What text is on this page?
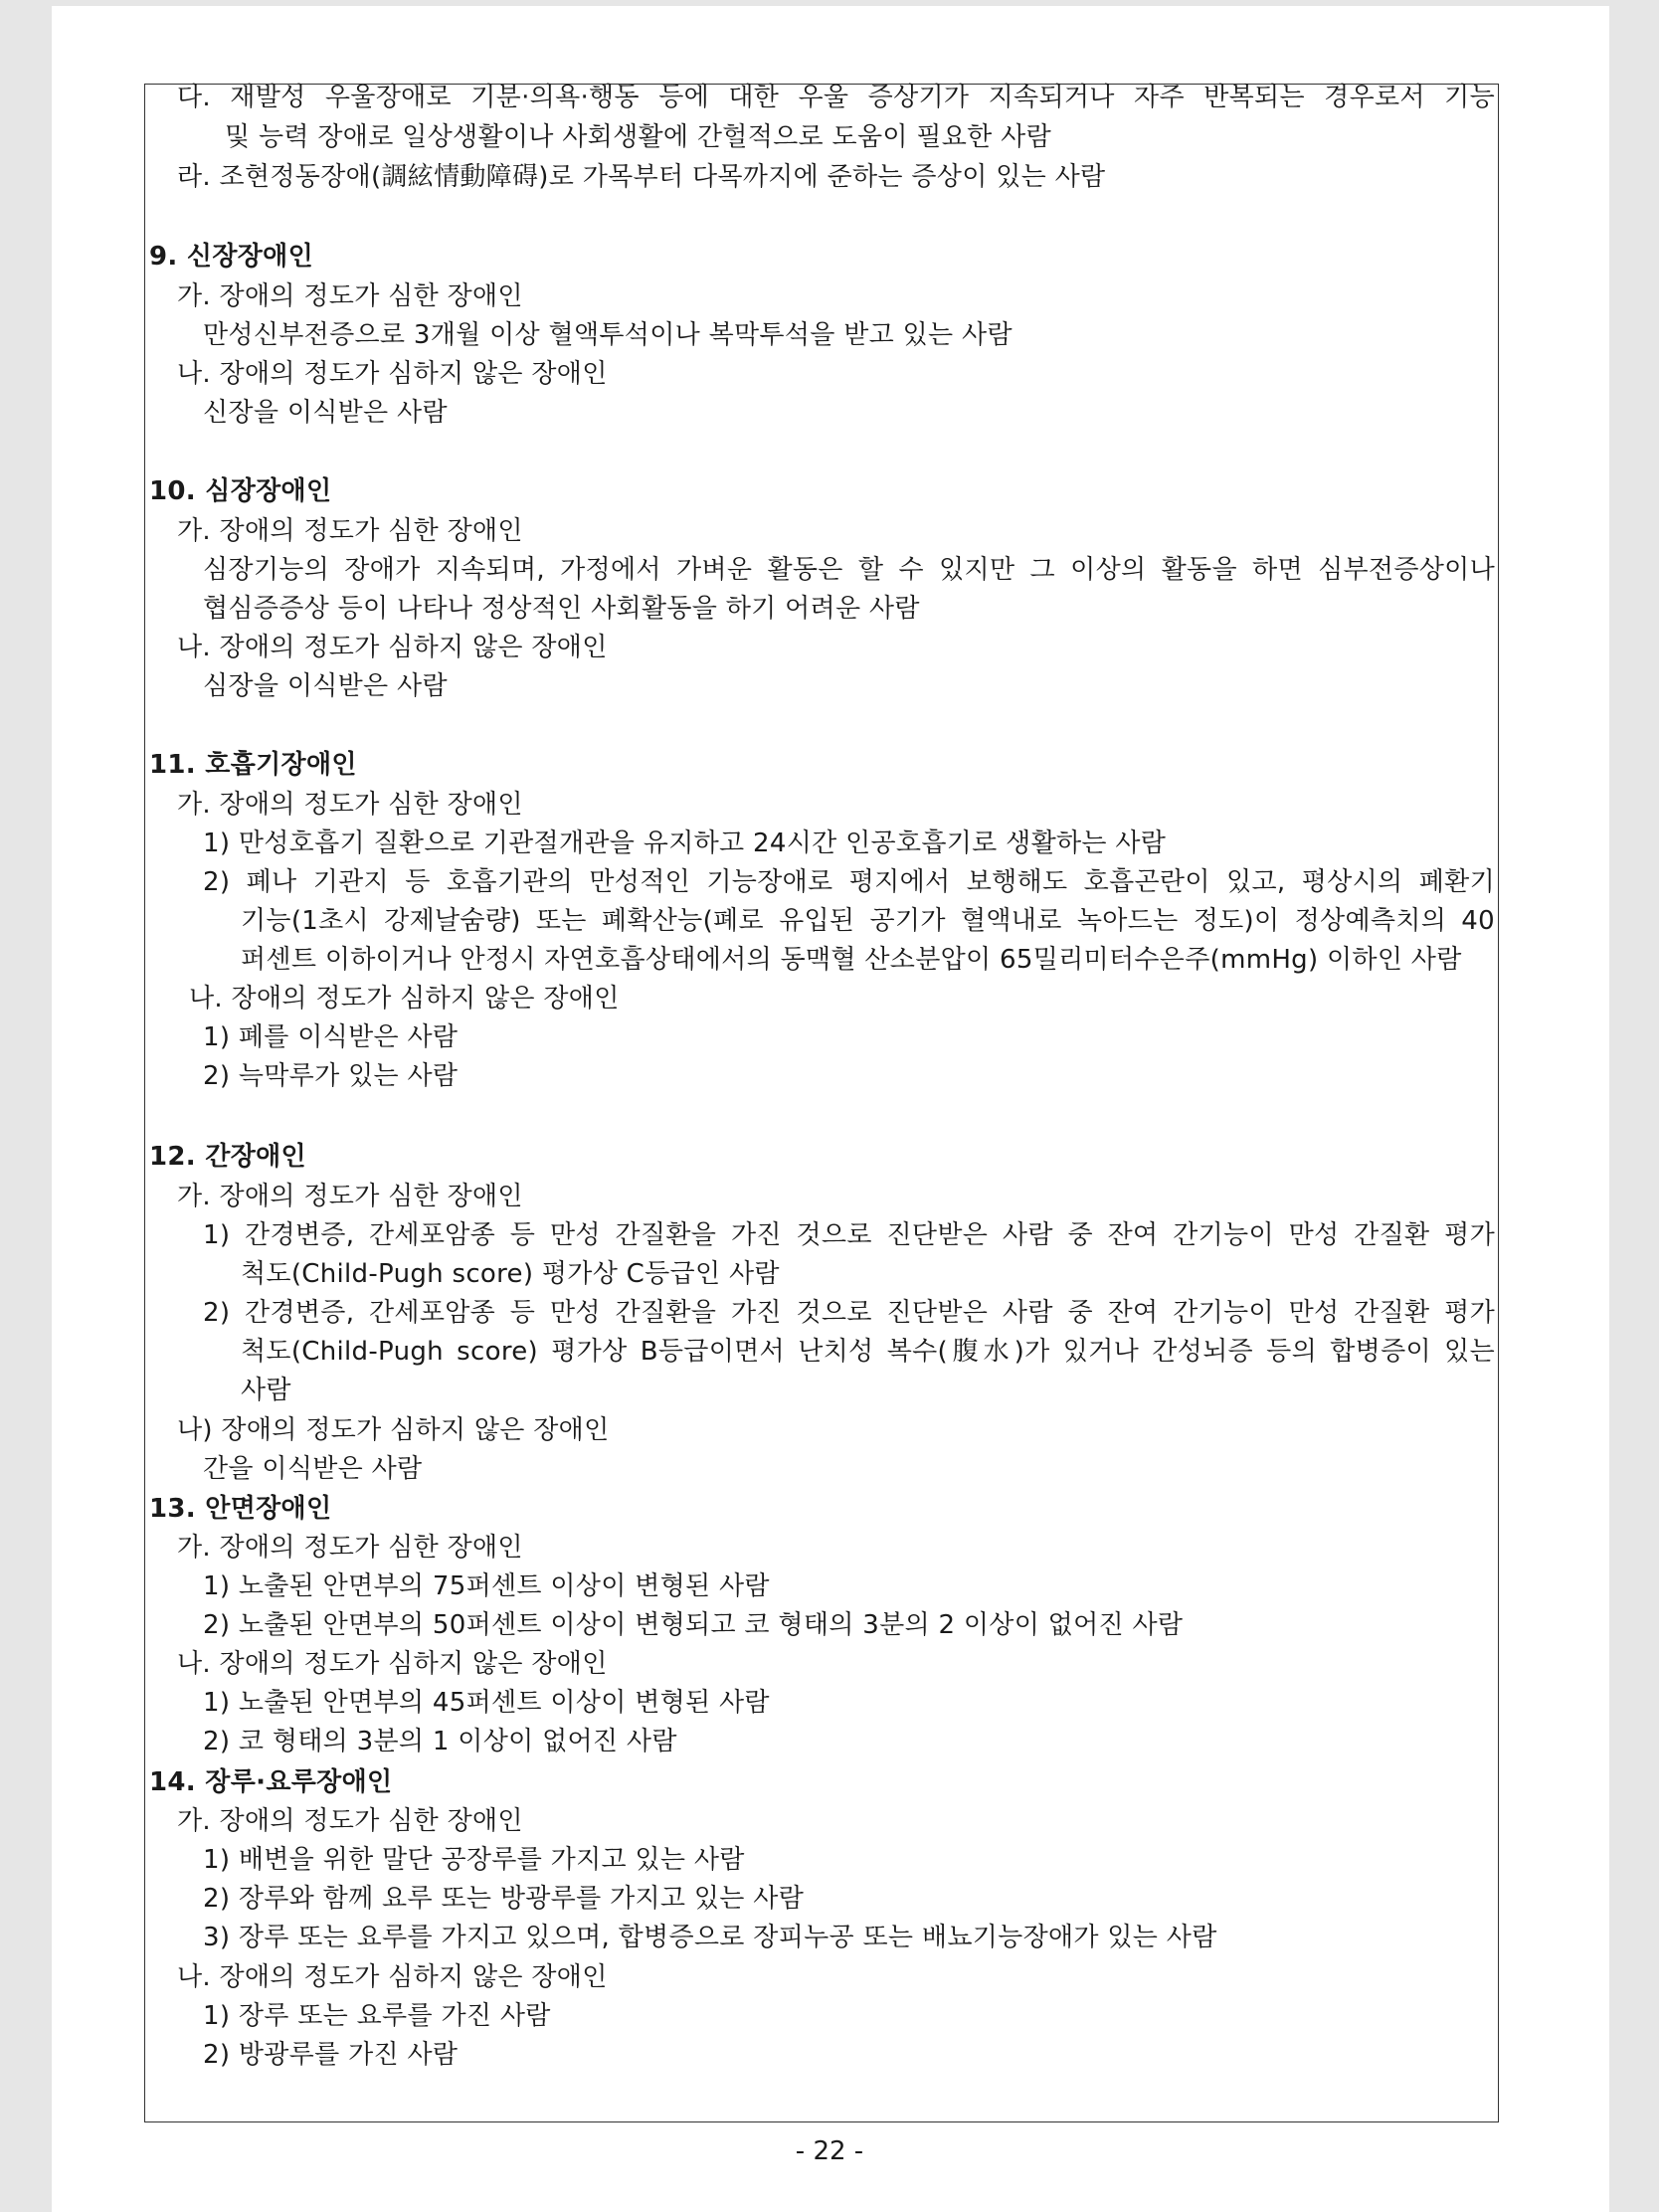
다. 재발성 우울장애로 기분·의욕·행동 등에 대한 우울 증상기가 지속되거나 자주 반복되는 경우로서 기능
및 능력 장애로 일상생활이나 사회생활에 간헐적으로 도움이 필요한 사람
라. 조현정동장애(調絃情動障碍)로 가목부터 다목까지에 준하는 증상이 있는 사람
9. 신장장애인
가. 장애의 정도가 심한 장애인
만성신부전증으로 3개월 이상 혈액투석이나 복막투석을 받고 있는 사람
나. 장애의 정도가 심하지 않은 장애인
신장을 이식받은 사람
10. 심장장애인
가. 장애의 정도가 심한 장애인
심장기능의 장애가 지속되며, 가정에서 가벼운 활동은 할 수 있지만 그 이상의 활동을 하면 심부전증상이나
협심증증상 등이 나타나 정상적인 사회활동을 하기 어려운 사람
나. 장애의 정도가 심하지 않은 장애인
심장을 이식받은 사람
11. 호흡기장애인
가. 장애의 정도가 심한 장애인
1) 만성호흡기 질환으로 기관절개관을 유지하고 24시간 인공호흡기로 생활하는 사람
2) 폐나 기관지 등 호흡기관의 만성적인 기능장애로 평지에서 보행해도 호흡곤란이 있고, 평상시의 폐환기
기능(1초시 강제날숨량) 또는 폐확산능(폐로 유입된 공기가 혈액내로 녹아드는 정도)이 정상예측치의 40
퍼센트 이하이거나 안정시 자연호흡상태에서의 동맥혈 산소분압이 65밀리미터수은주(mmHg) 이하인 사람
나. 장애의 정도가 심하지 않은 장애인
1) 폐를 이식받은 사람
2) 늑막루가 있는 사람
12. 간장애인
가. 장애의 정도가 심한 장애인
1) 간경변증, 간세포암종 등 만성 간질환을 가진 것으로 진단받은 사람 중 잔여 간기능이 만성 간질환 평가
척도(Child-Pugh score) 평가상 C등급인 사람
2) 간경변증, 간세포암종 등 만성 간질환을 가진 것으로 진단받은 사람 중 잔여 간기능이 만성 간질환 평가
척도(Child-Pugh score) 평가상 B등급이면서 난치성 복수(腹水)가 있거나 간성뇌증 등의 합병증이 있는
사람
나) 장애의 정도가 심하지 않은 장애인
간을 이식받은 사람
13. 안면장애인
가. 장애의 정도가 심한 장애인
1) 노출된 안면부의 75퍼센트 이상이 변형된 사람
2) 노출된 안면부의 50퍼센트 이상이 변형되고 코 형태의 3분의 2 이상이 없어진 사람
나. 장애의 정도가 심하지 않은 장애인
1) 노출된 안면부의 45퍼센트 이상이 변형된 사람
2) 코 형태의 3분의 1 이상이 없어진 사람
14. 장루·요루장애인
가. 장애의 정도가 심한 장애인
1) 배변을 위한 말단 공장루를 가지고 있는 사람
2) 장루와 함께 요루 또는 방광루를 가지고 있는 사람
3) 장루 또는 요루를 가지고 있으며, 합병증으로 장피누공 또는 배뇨기능장애가 있는 사람
나. 장애의 정도가 심하지 않은 장애인
1) 장루 또는 요루를 가진 사람
2) 방광루를 가진 사람
- 22 -
